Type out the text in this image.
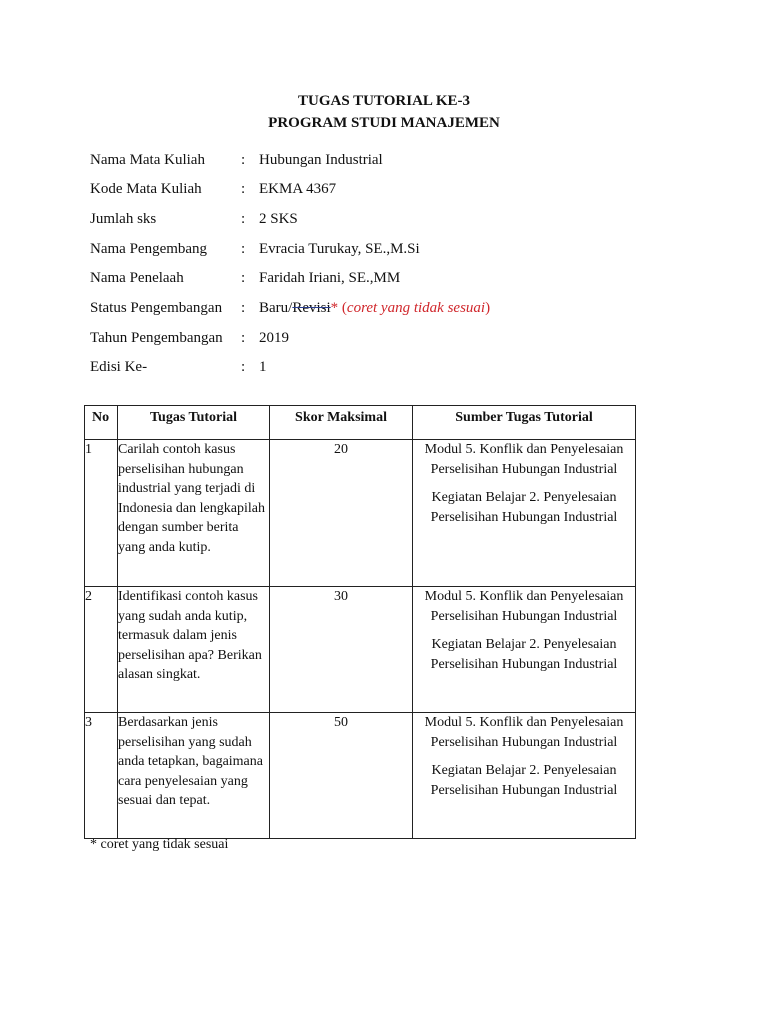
TUGAS TUTORIAL KE-3
PROGRAM STUDI MANAJEMEN
Nama Mata Kuliah : Hubungan Industrial
Kode Mata Kuliah	: EKMA 4367
Jumlah sks	: 2 SKS
Nama Pengembang : Evracia Turukay, SE.,M.Si
Nama Penelaah	: Faridah Iriani, SE.,MM
Status Pengembangan : Baru/Revisi* (coret yang tidak sesuai)
Tahun Pengembangan : 2019
Edisi Ke-	: 1
No	Tugas Tutorial	Skor Maksimal	Sumber Tugas Tutorial
1	Carilah contoh kasus perselisihan hubungan industrial yang terjadi di Indonesia dan lengkapilah dengan sumber berita yang anda kutip.	20	Modul 5. Konflik dan Penyelesaian Perselisihan Hubungan Industrial

Kegiatan Belajar 2. Penyelesaian Perselisihan Hubungan Industrial

2	Identifikasi contoh kasus yang sudah anda kutip, termasuk dalam jenis perselisihan apa? Berikan alasan singkat.	30	Modul 5. Konflik dan Penyelesaian Perselisihan Hubungan Industrial

Kegiatan Belajar 2. Penyelesaian Perselisihan Hubungan Industrial

3	Berdasarkan jenis perselisihan yang sudah anda tetapkan, bagaimana cara penyelesaian yang sesuai dan tepat.	50	Modul 5. Konflik dan Penyelesaian Perselisihan Hubungan Industrial

Kegiatan Belajar 2. Penyelesaian Perselisihan Hubungan Industrial

* coret yang tidak sesuai
